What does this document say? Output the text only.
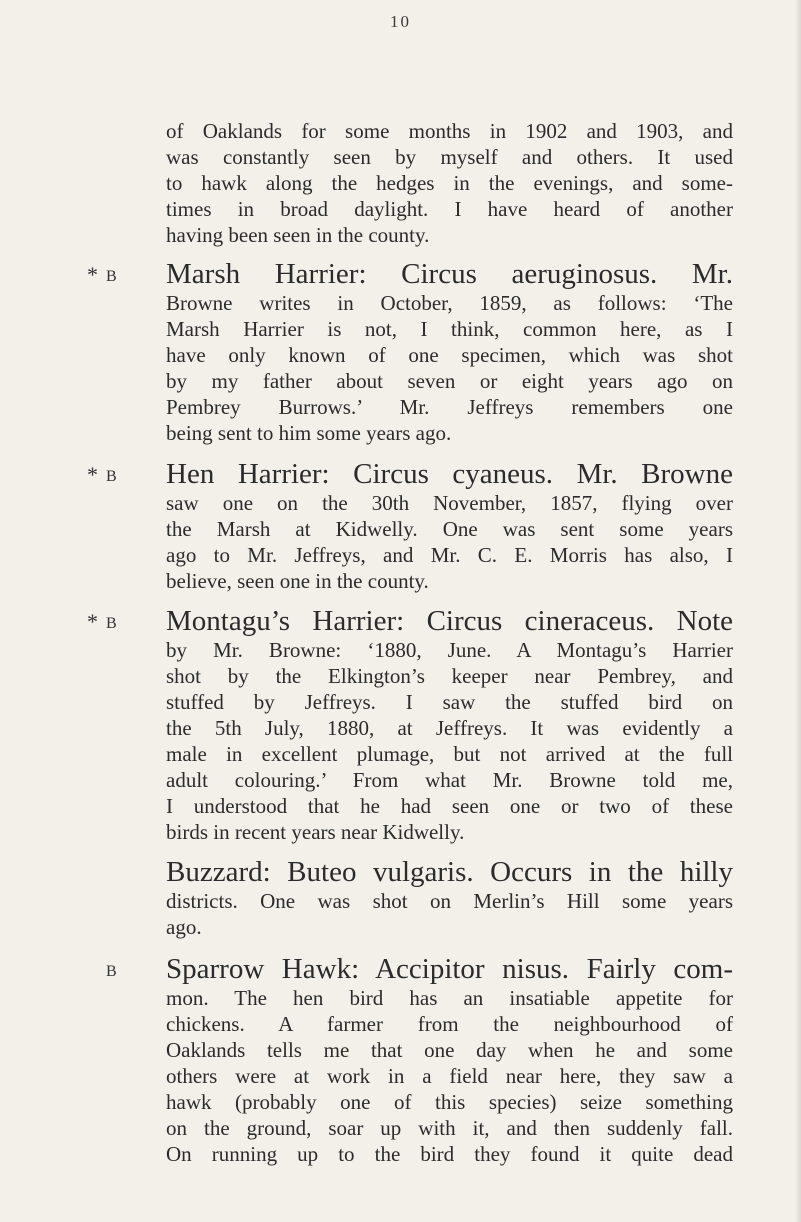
10
of Oaklands for some months in 1902 and 1903, and
was constantly seen by myself and others. It used
to hawk along the hedges in the evenings, and some-
times in broad daylight. I have heard of another
having been seen in the county.
* B Marsh Harrier: Circus aeruginosus. Mr.
Browne writes in October, 1859, as follows: ‘The
Marsh Harrier is not, I think, common here, as I
have only known of one specimen, which was shot
by my father about seven or eight years ago on
Pembrey Burrows.’ Mr. Jeffreys remembers one
being sent to him some years ago.
* B Hen Harrier: Circus cyaneus. Mr. Browne
saw one on the 30th November, 1857, flying over
the Marsh at Kidwelly. One was sent some years
ago to Mr. Jeffreys, and Mr. C. E. Morris has also, I
believe, seen one in the county.
* B Montagu’s Harrier: Circus cineraceus. Note
by Mr. Browne: ‘1880, June. A Montagu’s Harrier
shot by the Elkington’s keeper near Pembrey, and
stuffed by Jeffreys. I saw the stuffed bird on
the 5th July, 1880, at Jeffreys. It was evidently a
male in excellent plumage, but not arrived at the full
adult colouring.’ From what Mr. Browne told me,
I understood that he had seen one or two of these
birds in recent years near Kidwelly.
Buzzard: Buteo vulgaris. Occurs in the hilly
districts. One was shot on Merlin’s Hill some years
ago.
B Sparrow Hawk: Accipitor nisus. Fairly com-
mon. The hen bird has an insatiable appetite for
chickens. A farmer from the neighbourhood of
Oaklands tells me that one day when he and some
others were at work in a field near here, they saw a
hawk (probably one of this species) seize something
on the ground, soar up with it, and then suddenly fall.
On running up to the bird they found it quite dead
